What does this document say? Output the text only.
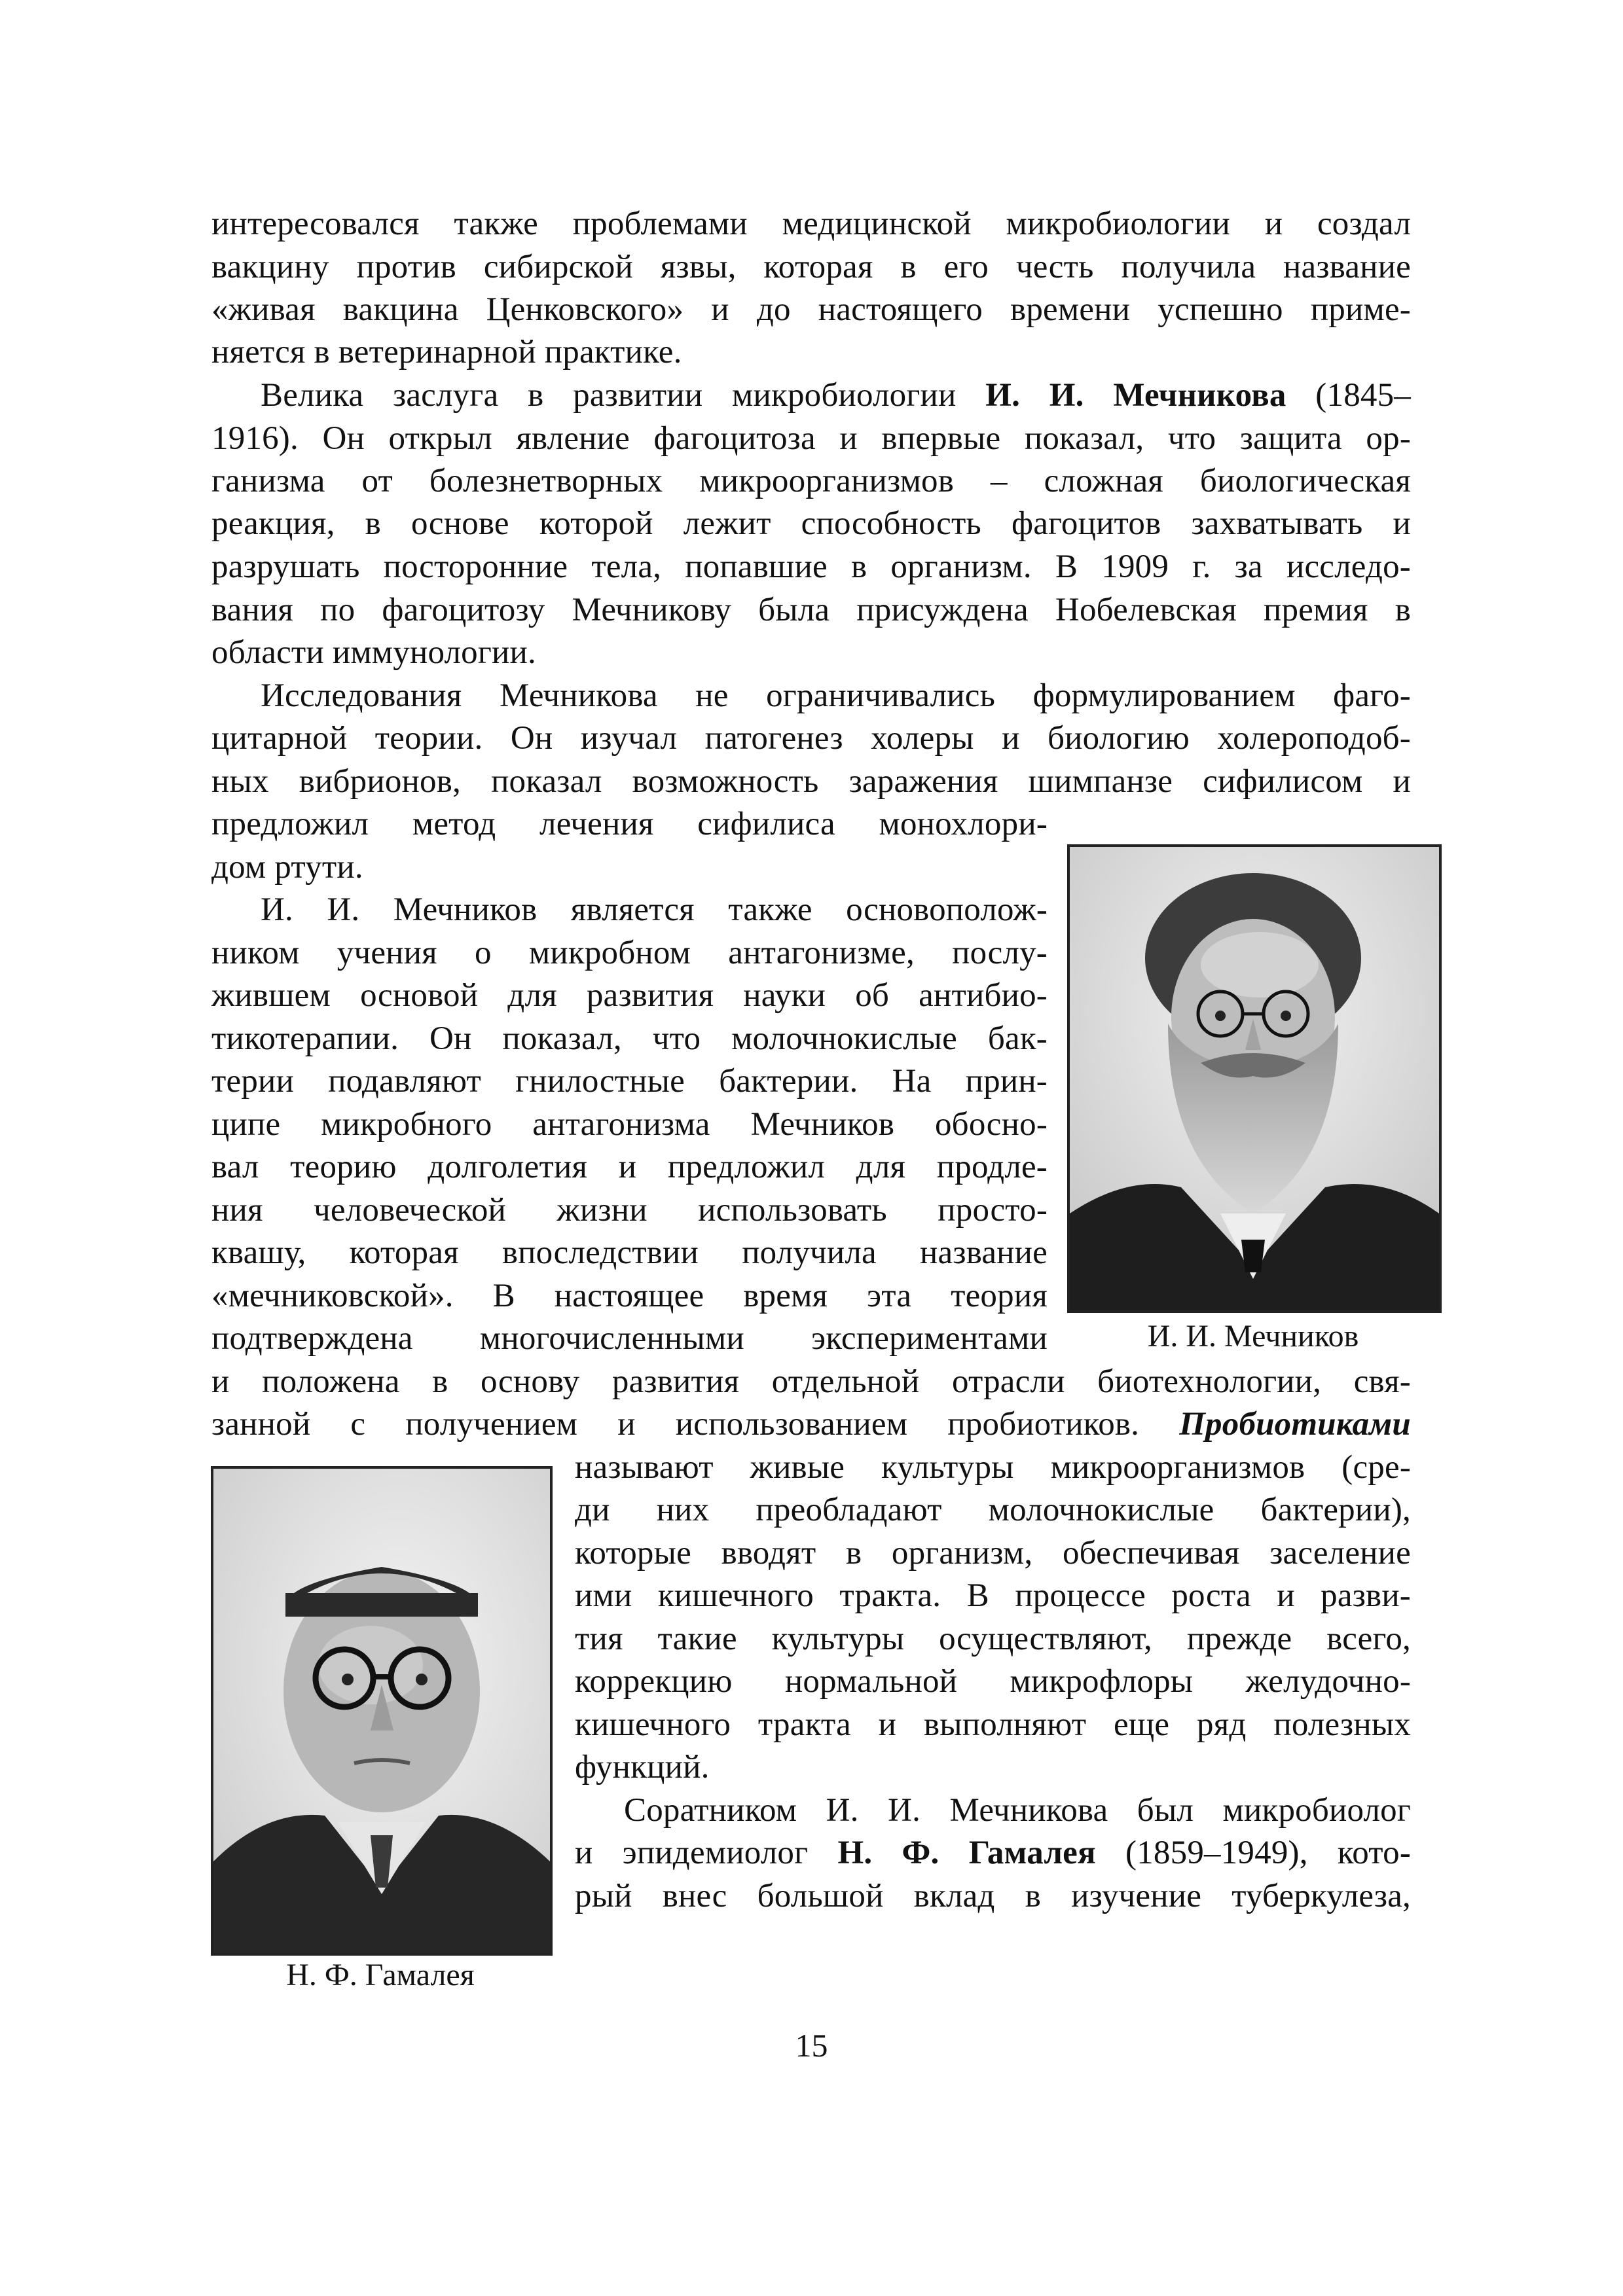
интересовался также проблемами медицинской микробиологии и создал
вакцину против сибирской язвы, которая в его честь получила название
«живая вакцина Ценковского» и до настоящего времени успешно приме-
няется в ветеринарной практике.
Велика заслуга в развитии микробиологии И. И. Мечникова (1845–
1916). Он открыл явление фагоцитоза и впервые показал, что защита ор-
ганизма от болезнетворных микроорганизмов – сложная биологическая
реакция, в основе которой лежит способность фагоцитов захватывать и
разрушать посторонние тела, попавшие в организм. В 1909 г. за исследо-
вания по фагоцитозу Мечникову была присуждена Нобелевская премия в
области иммунологии.
Исследования Мечникова не ограничивались формулированием фаго-
цитарной теории. Он изучал патогенез холеры и биологию холероподоб-
ных вибрионов, показал возможность заражения шимпанзе сифилисом и
предложил метод лечения сифилиса монохлори-
дом ртути.
И. И. Мечников является также основополож-
ником учения о микробном антагонизме, послу-
жившем основой для развития науки об антибио-
тикотерапии. Он показал, что молочнокислые бак-
терии подавляют гнилостные бактерии. На прин-
ципе микробного антагонизма Мечников обосно-
вал теорию долголетия и предложил для продле-
ния человеческой жизни использовать просто-
квашу, которая впоследствии получила название
«мечниковской». В настоящее время эта теория
подтверждена многочисленными экспериментами
и положена в основу развития отдельной отрасли биотехнологии, свя-
занной с получением и использованием пробиотиков. Пробиотиками
называют живые культуры микроорганизмов (сре-
ди них преобладают молочнокислые бактерии),
которые вводят в организм, обеспечивая заселение
ими кишечного тракта. В процессе роста и разви-
тия такие культуры осуществляют, прежде всего,
коррекцию нормальной микрофлоры желудочно-
кишечного тракта и выполняют еще ряд полезных
функций.
Соратником И. И. Мечникова был микробиолог
и эпидемиолог Н. Ф. Гамалея (1859–1949), кото-
рый внес большой вклад в изучение туберкулеза,
И. И. Мечников
Н. Ф. Гамалея
15
